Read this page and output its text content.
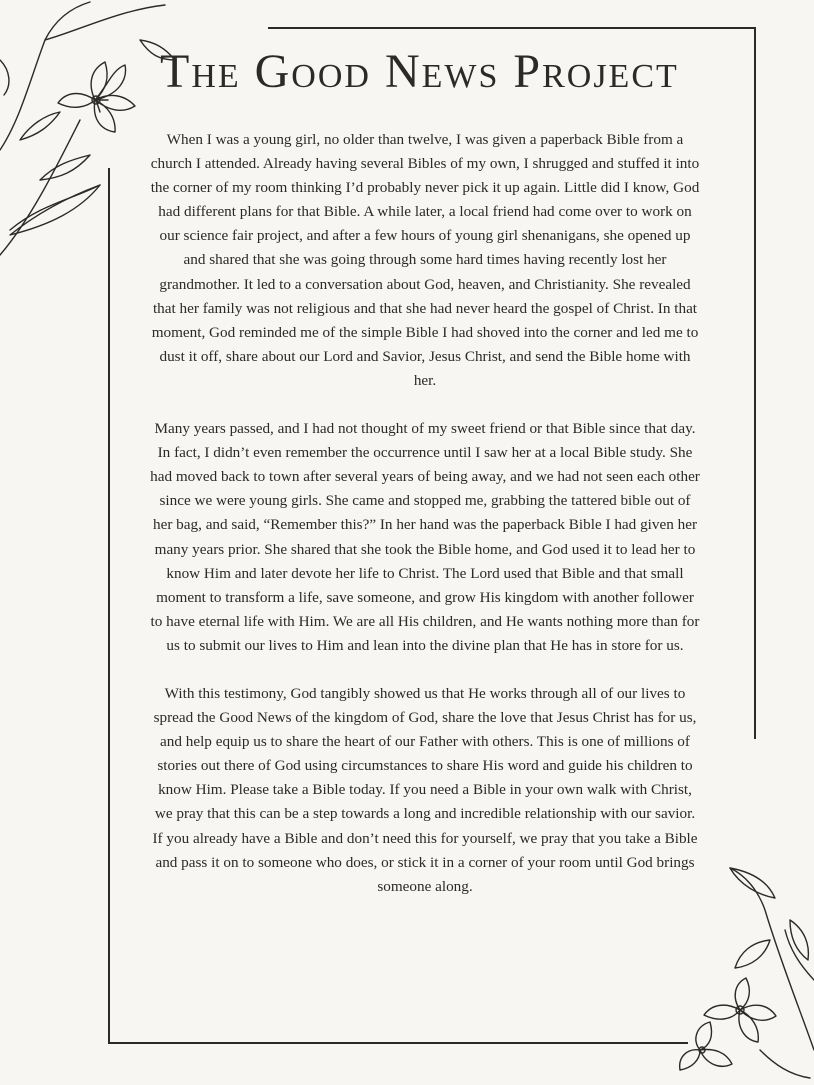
The Good News Project

When I was a young girl, no older than twelve, I was given a paperback Bible from a church I attended. Already having several Bibles of my own, I shrugged and stuffed it into the corner of my room thinking I’d probably never pick it up again. Little did I know, God had different plans for that Bible. A while later, a local friend had come over to work on our science fair project, and after a few hours of young girl shenanigans, she opened up and shared that she was going through some hard times having recently lost her grandmother. It led to a conversation about God, heaven, and Christianity. She revealed that her family was not religious and that she had never heard the gospel of Christ. In that moment, God reminded me of the simple Bible I had shoved into the corner and led me to dust it off, share about our Lord and Savior, Jesus Christ, and send the Bible home with her.

Many years passed, and I had not thought of my sweet friend or that Bible since that day. In fact, I didn’t even remember the occurrence until I saw her at a local Bible study. She had moved back to town after several years of being away, and we had not seen each other since we were young girls. She came and stopped me, grabbing the tattered bible out of her bag, and said, “Remember this?” In her hand was the paperback Bible I had given her many years prior. She shared that she took the Bible home, and God used it to lead her to know Him and later devote her life to Christ. The Lord used that Bible and that small moment to transform a life, save someone, and grow His kingdom with another follower to have eternal life with Him. We are all His children, and He wants nothing more than for us to submit our lives to Him and lean into the divine plan that He has in store for us.

With this testimony, God tangibly showed us that He works through all of our lives to spread the Good News of the kingdom of God, share the love that Jesus Christ has for us, and help equip us to share the heart of our Father with others. This is one of millions of stories out there of God using circumstances to share His word and guide his children to know Him. Please take a Bible today. If you need a Bible in your own walk with Christ, we pray that this can be a step towards a long and incredible relationship with our savior. If you already have a Bible and don’t need this for yourself, we pray that you take a Bible and pass it on to someone who does, or stick it in a corner of your room until God brings someone along.
